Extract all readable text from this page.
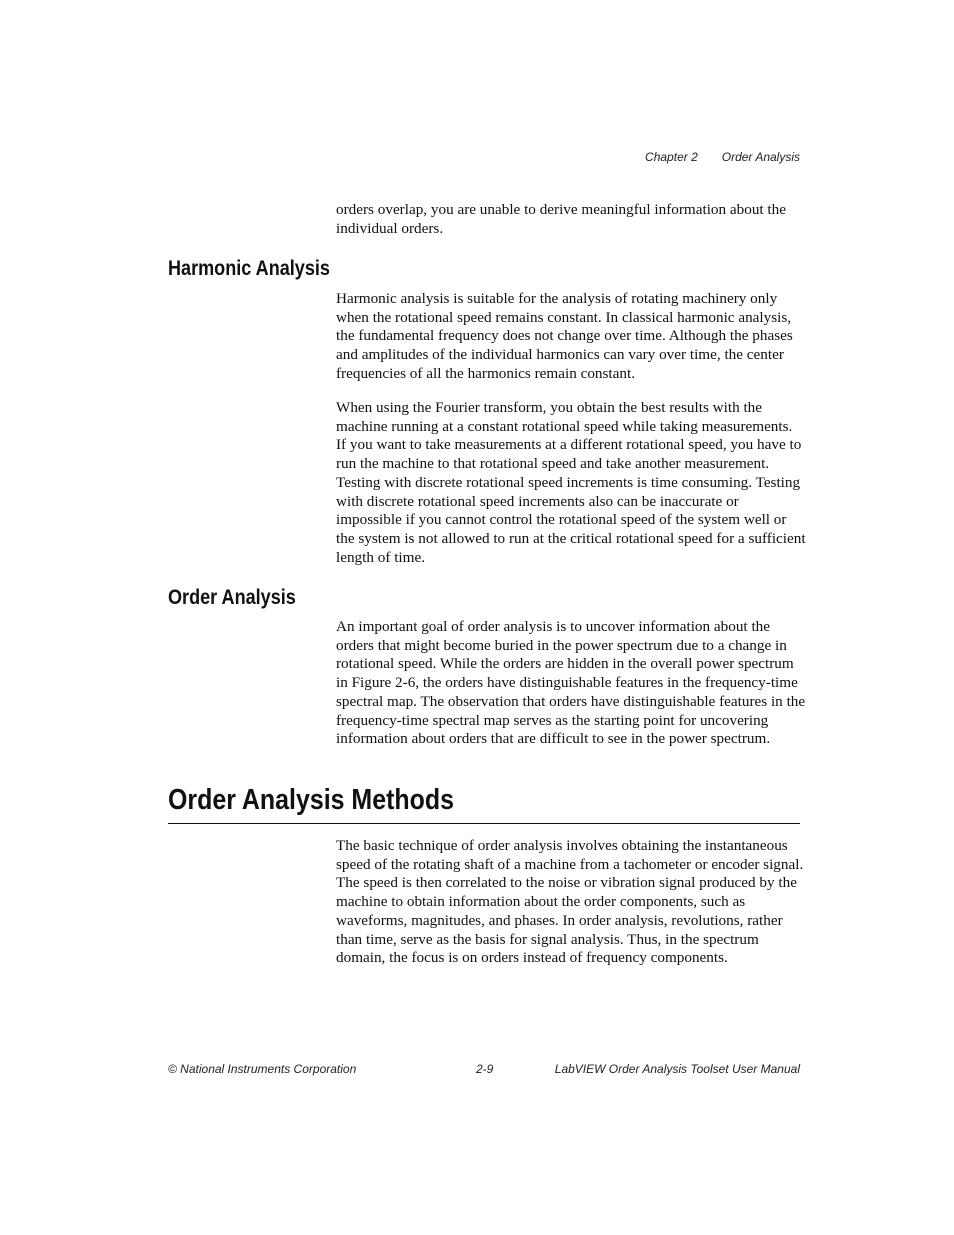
Chapter 2 Order Analysis

orders overlap, you are unable to derive meaningful information about the individual orders.

Harmonic Analysis

Harmonic analysis is suitable for the analysis of rotating machinery only when the rotational speed remains constant. In classical harmonic analysis, the fundamental frequency does not change over time. Although the phases and amplitudes of the individual harmonics can vary over time, the center frequencies of all the harmonics remain constant.

When using the Fourier transform, you obtain the best results with the machine running at a constant rotational speed while taking measurements. If you want to take measurements at a different rotational speed, you have to run the machine to that rotational speed and take another measurement. Testing with discrete rotational speed increments is time consuming. Testing with discrete rotational speed increments also can be inaccurate or impossible if you cannot control the rotational speed of the system well or the system is not allowed to run at the critical rotational speed for a sufficient length of time.

Order Analysis

An important goal of order analysis is to uncover information about the orders that might become buried in the power spectrum due to a change in rotational speed. While the orders are hidden in the overall power spectrum in Figure 2-6, the orders have distinguishable features in the frequency-time spectral map. The observation that orders have distinguishable features in the frequency-time spectral map serves as the starting point for uncovering information about orders that are difficult to see in the power spectrum.

Order Analysis Methods

The basic technique of order analysis involves obtaining the instantaneous speed of the rotating shaft of a machine from a tachometer or encoder signal. The speed is then correlated to the noise or vibration signal produced by the machine to obtain information about the order components, such as waveforms, magnitudes, and phases. In order analysis, revolutions, rather than time, serve as the basis for signal analysis. Thus, in the spectrum domain, the focus is on orders instead of frequency components.

© National Instruments Corporation	2-9	LabVIEW Order Analysis Toolset User Manual
